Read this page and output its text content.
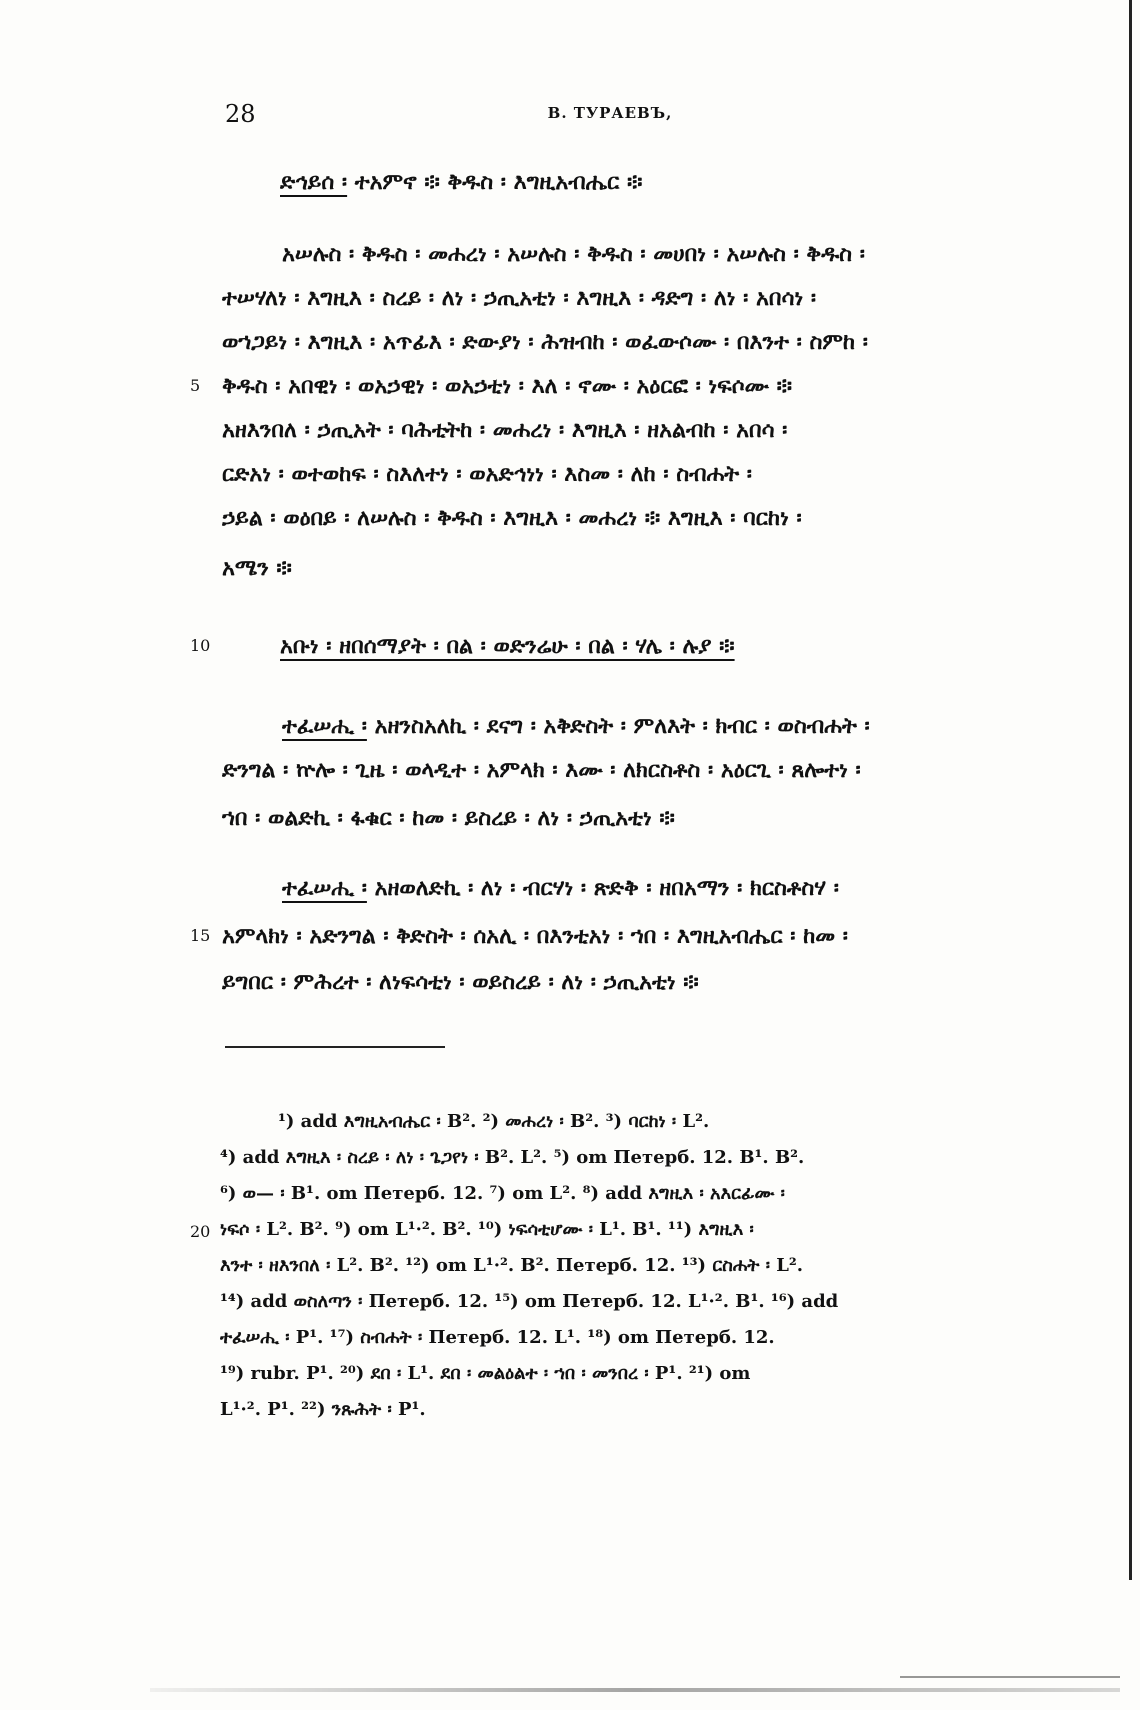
28	В. ТУРАЕВЪ,
ድኅይሰ ፡ ተአምኖ ፨ ቅዱስ ፡ እግዚአብሔር ፨
አሠሉስ ፡ ቅዱስ ፡ መሐረነ ፡ አሠሉስ ፡ ቅዱስ ፡ መሀበነ ፡ አሠሉስ ፡ ቅዱስ ፡
ተሠሃለነ ፡ እግዚእ ፡ ስረይ ፡ ለነ ፡ ኃጢአቲነ ፡ እግዚእ ፡ ዳድግ ፡ ለነ ፡ አበሳነ ፡
ወኀጋይነ ፡ እግዚእ ፡ አጥፊእ ፡ ድውያነ ፡ ሕዝብከ ፡ ወፈውሶሙ ፡ በእንተ ፡ ስምከ ፡
5 ቅዱስ ፡ አበዊነ ፡ ወአኃዊነ ፡ ወአኃቲነ ፡ እለ ፡ ኖሙ ፡ አዕርፎ ፡ ነፍሶሙ ፨
አዘእንበለ ፡ ኃጢአት ፡ ባሕቲትከ ፡ መሐረነ ፡ እግዚእ ፡ ዘአልብከ ፡ አበሳ ፡
ርድአነ ፡ ወተወከፍ ፡ ስእለተነ ፡ ወአድኅነነ ፡ እስመ ፡ ለከ ፡ ስብሐት ፡
ኃይል ፡ ወዕበይ ፡ ለሠሉስ ፡ ቅዱስ ፡ እግዚእ ፡ መሐረነ ፨ እግዚእ ፡ ባርከነ ፡
አሜን ፨
10	አቡነ ፡ ዘበሰማያት ፡ በል ፡ ወድንሬሁ ፡ በል ፡ ሃሌ ፡ ሉያ ፨
ተፈሠሒ ፡ አዘንስአለኪ ፡ ደናግ ፡ አቅድስት ፡ ምለእት ፡ ክብር ፡ ወስብሐት ፡
ድንግል ፡ ኵሎ ፡ ጊዜ ፡ ወላዲተ ፡ አምላክ ፡ እሙ ፡ ለክርስቶስ ፡ አዕርጊ ፡ ጸሎተነ ፡
ኀበ ፡ ወልድኪ ፡ ፋቁር ፡ ከመ ፡ ይስረይ ፡ ለነ ፡ ኃጢአቲነ ፨
ተፈሠሒ ፡ አዘወለድኪ ፡ ለነ ፡ ብርሃነ ፡ ጽድቅ ፡ ዘበአማን ፡ ክርስቶስሃ ፡
15 አምላክነ ፡ አድንግል ፡ ቅድስት ፡ ሰአሊ ፡ በእንቲአነ ፡ ኀበ ፡ እግዚአብሔር ፡ ከመ ፡
ይግበር ፡ ምሕረተ ፡ ለነፍሳቲነ ፡ ወይስረይ ፡ ለነ ፡ ኃጢአቲነ ፨
¹) add እግዚአብሔር ፡ B². ²) መሐረነ ፡ B². ³) ባርከነ ፡ L².
⁴) add እግዚእ ፡ ስረይ ፡ ለነ ፡ ጌጋየነ ፡ B². L². ⁵) om Петерб. 12. B¹. B².
⁶) ወ— ፡ B¹. om Петерб. 12. ⁷) om L². ⁸) add እግዚእ ፡ አእርፊሙ ፡
20 ነፍሶ ፡ L². B². ⁹) om L¹·². B². ¹⁰) ነፍሳቲሆሙ ፡ L¹. B¹. ¹¹) እግዚእ ፡
እንተ ፡ ዘእንበለ ፡ L². B². ¹²) om L¹·². B². Петерб. 12. ¹³) ርስሐት ፡ L².
¹⁴) add ወስለጣን ፡ Петерб. 12. ¹⁵) om Петерб. 12. L¹·². B¹. ¹⁶) add
ተፈሠሒ ፡ P¹. ¹⁷) ስብሐት ፡ Петерб. 12. L¹. ¹⁸) om Петерб. 12.
¹⁹) rubr. P¹. ²⁰) ደበ ፡ L¹. ደበ ፡ መልዕልተ ፡ ኀበ ፡ መንበረ ፡ P¹. ²¹) om
L¹·². P¹. ²²) ንጹሕት ፡ P¹.
